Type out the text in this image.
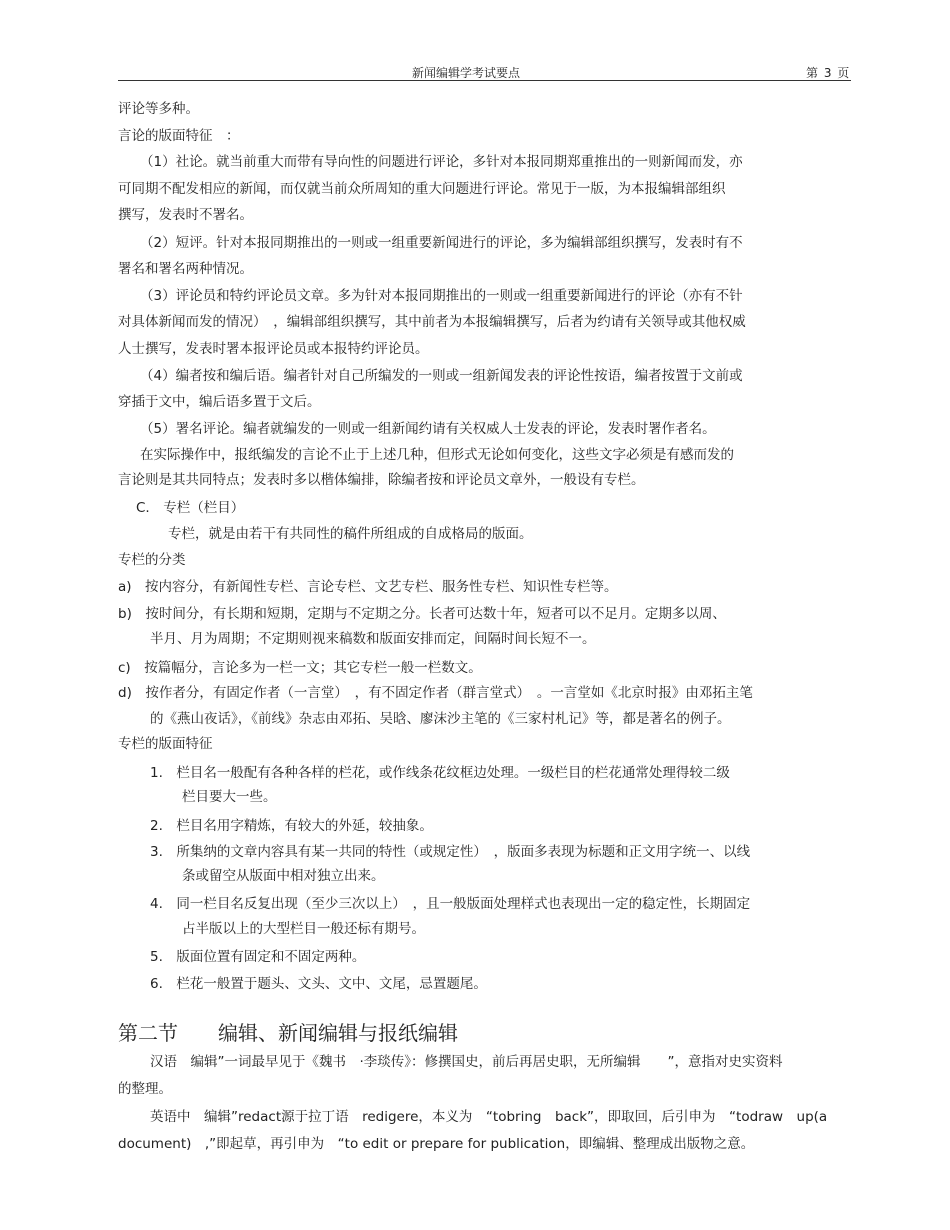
新闻编辑学考试要点	第 3 页
评论等多种。
言论的版面特征　：
（1）社论。就当前重大而带有导向性的问题进行评论，多针对本报同期郑重推出的一则新闻而发，亦
可同期不配发相应的新闻，而仅就当前众所周知的重大问题进行评论。常见于一版，为本报编辑部组织
撰写，发表时不署名。
（2）短评。针对本报同期推出的一则或一组重要新闻进行的评论，多为编辑部组织撰写，发表时有不
署名和署名两种情况。
（3）评论员和特约评论员文章。多为针对本报同期推出的一则或一组重要新闻进行的评论（亦有不针
对具体新闻而发的情况）　，编辑部组织撰写，其中前者为本报编辑撰写，后者为约请有关领导或其他权威
人士撰写，发表时署本报评论员或本报特约评论员。
（4）编者按和编后语。编者针对自己所编发的一则或一组新闻发表的评论性按语，编者按置于文前或
穿插于文中，编后语多置于文后。
（5）署名评论。编者就编发的一则或一组新闻约请有关权威人士发表的评论，发表时署作者名。
在实际操作中，报纸编发的言论不止于上述几种，但形式无论如何变化，这些文字必须是有感而发的
言论则是其共同特点；发表时多以楷体编排，除编者按和评论员文章外，一般设有专栏。
C.　专栏（栏目）
专栏，就是由若干有共同性的稿件所组成的自成格局的版面。
专栏的分类
a)　按内容分，有新闻性专栏、言论专栏、文艺专栏、服务性专栏、知识性专栏等。
b)　按时间分，有长期和短期，定期与不定期之分。长者可达数十年，短者可以不足月。定期多以周、
半月、月为周期；不定期则视来稿数和版面安排而定，间隔时间长短不一。
c)　按篇幅分，言论多为一栏一文；其它专栏一般一栏数文。
d)　按作者分，有固定作者（一言堂）　，有不固定作者（群言堂式）　。一言堂如《北京时报》由邓拓主笔
的《燕山夜话》，《前线》杂志由邓拓、吴晗、廖沫沙主笔的《三家村札记》等，都是著名的例子。
专栏的版面特征
1.　栏目名一般配有各种各样的栏花，或作线条花纹框边处理。一级栏目的栏花通常处理得较二级
栏目要大一些。
2.　栏目名用字精炼，有较大的外延，较抽象。
3.　所集纳的文章内容具有某一共同的特性（或规定性）　，版面多表现为标题和正文用字统一、以线
条或留空从版面中相对独立出来。
4.　同一栏目名反复出现（至少三次以上）　，且一般版面处理样式也表现出一定的稳定性，长期固定
占半版以上的大型栏目一般还标有期号。
5.　版面位置有固定和不固定两种。
6.　栏花一般置于题头、文头、文中、文尾，忌置题尾。
第二节 编辑、新闻编辑与报纸编辑
汉语　编辑”一词最早见于《魏书　·李琰传》：修撰国史，前后再居史职，无所编辑　　”，意指对史实资料
的整理。
英语中　编辑”redact源于拉丁语　redigere，本义为　“tobring　back”，即取回，后引申为　“todraw　up(a
document)　,”即起草，再引申为　“to edit or prepare for publication，即编辑、整理成出版物之意。
